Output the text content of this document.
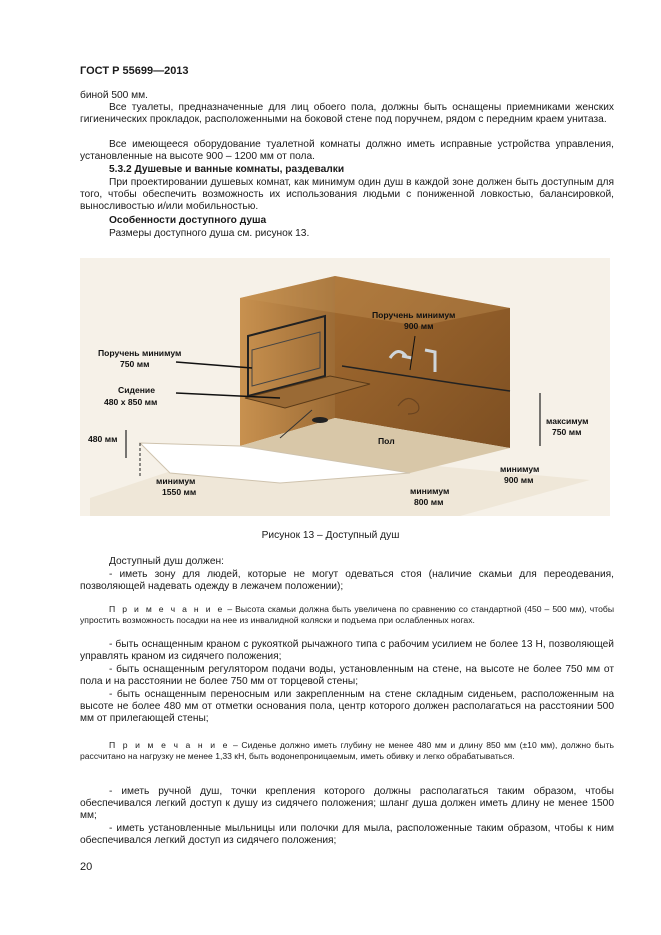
ГОСТ Р 55699—2013
биной 500 мм.
Все туалеты, предназначенные для лиц обоего пола, должны быть оснащены приемниками женских гигиенических прокладок, расположенными на боковой стене под поручнем, рядом с передним краем унитаза.
Все имеющееся оборудование туалетной комнаты должно иметь исправные устройства управления, установленные на высоте 900 – 1200 мм от пола.
5.3.2 Душевые и ванные комнаты, раздевалки
При проектировании душевых комнат, как минимум один душ в каждой зоне должен быть доступным для того, чтобы обеспечить возможность их использования людьми с пониженной ловкостью, балансировкой, выносливостью и/или мобильностью.
Особенности доступного душа
Размеры доступного душа см. рисунок 13.
Поручень минимум
750 мм
Поручень минимум
900 мм
Сидение
480 х 850 мм
480 мм
максимум
750 мм
Пол
минимум
1550 мм	минимум
800 мм
минимум
900 мм
Рисунок 13 – Доступный душ
Доступный душ должен:
- иметь зону для людей, которые не могут одеваться стоя (наличие скамьи для переодевания, позволяющей надевать одежду в лежачем положении);
П р и м е ч а н и е – Высота скамьи должна быть увеличена по сравнению со стандартной (450 – 500 мм), чтобы упростить возможность посадки на нее из инвалидной коляски и подъема при ослабленных ногах.
- быть оснащенным краном с рукояткой рычажного типа с рабочим усилием не более 13 Н, позволяющей управлять краном из сидячего положения;
- быть оснащенным регулятором подачи воды, установленным на стене, на высоте не более 750 мм от пола и на расстоянии не более 750 мм от торцевой стены;
- быть оснащенным переносным или закрепленным на стене складным сиденьем, расположенным на высоте не более 480 мм от отметки основания пола, центр которого должен располагаться на расстоянии 500 мм от прилегающей стены;
П р и м е ч а н и е – Сиденье должно иметь глубину не менее 480 мм и длину 850 мм (±10 мм), должно быть рассчитано на нагрузку не менее 1,33 кН, быть водонепроницаемым, иметь обивку и легко обрабатываться.
- иметь ручной душ, точки крепления которого должны располагаться таким образом, чтобы обеспечивался легкий доступ к душу из сидячего положения; шланг душа должен иметь длину не менее 1500 мм;
- иметь установленные мыльницы или полочки для мыла, расположенные таким образом, чтобы к ним обеспечивался легкий доступ из сидячего положения;
20
